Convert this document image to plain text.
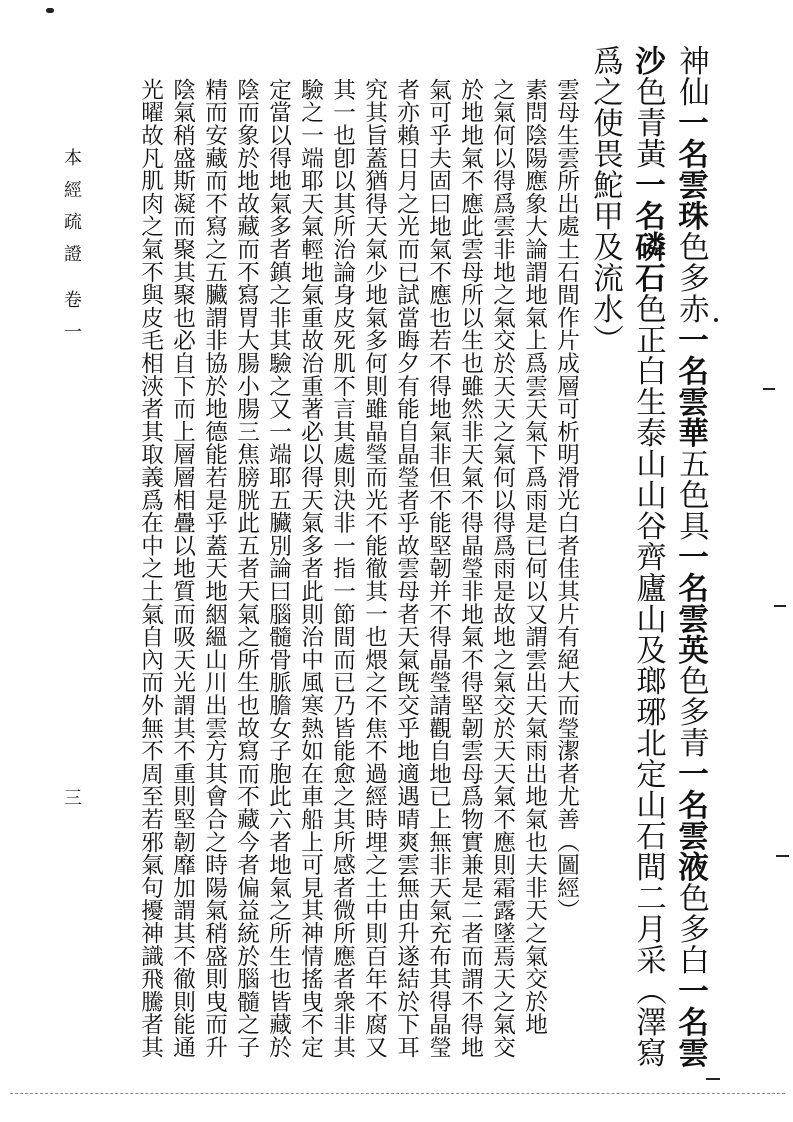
神仙一名雲珠色多赤一名雲華五色具一名雲英色多青一名雲液色多白一名雲
沙色青黃一名磷石色正白生泰山山谷齊廬山及瑯琊北定山石間二月采（澤寫
爲之使畏鮀甲及流水）
雲母生雲所出處土石間作片成層可析明滑光白者佳其片有絕大而瑩潔者尤善（圖經）
素問陰陽應象大論謂地氣上爲雲天氣下爲雨是已何以又謂雲出天氣雨出地氣也夫非天之氣交於地
之氣何以得爲雲非地之氣交於天天之氣何以得爲雨是故地之氣交於天天氣不應則霜露墜焉天之氣交
於地地氣不應此雲母所以生也雖然非天氣不得晶瑩非地氣不得堅韌雲母爲物實兼是二者而謂不得地
氣可乎夫固曰地氣不應也若不得地氣非但不能堅韌并不得晶瑩請觀自地已上無非天氣充布其得晶瑩
者亦賴日月之光而已試當晦夕有能自晶瑩者乎故雲母者天氣旣交乎地適遇晴爽雲無由升遂結於下耳
究其旨蓋猶得天氣少地氣多何則雖晶瑩而光不能徹其一也煨之不焦不過經時埋之土中則百年不腐又
其一也卽以其所治論身皮死肌不言其處則決非一指一節間而已乃皆能愈之其所感者微所應者衆非其
驗之一端耶天氣輕地氣重故治重著必以得天氣多者此則治中風寒熱如在車船上可見其神情搖曳不定
定當以得地氣多者鎮之非其驗之又一端耶五臟別論曰腦髓骨脈膽女子胞此六者地氣之所生也皆藏於
陰而象於地故藏而不寫胃大腸小腸三焦膀胱此五者天氣之所生也故寫而不藏今者偏益統於腦髓之子
精而安藏而不寫之五臟謂非協於地德能若是乎蓋天地絪縕山川出雲方其會合之時陽氣稍盛則曳而升
陰氣稍盛斯凝而聚其聚也必自下而上層層相疊以地質而吸天光謂其不重則堅韌靡加謂其不徹則能通
光曜故凡肌肉之氣不與皮毛相浹者其取義爲在中之土氣自內而外無不周至若邪氣句擾神識飛騰者其
本經疏證
卷一
三
